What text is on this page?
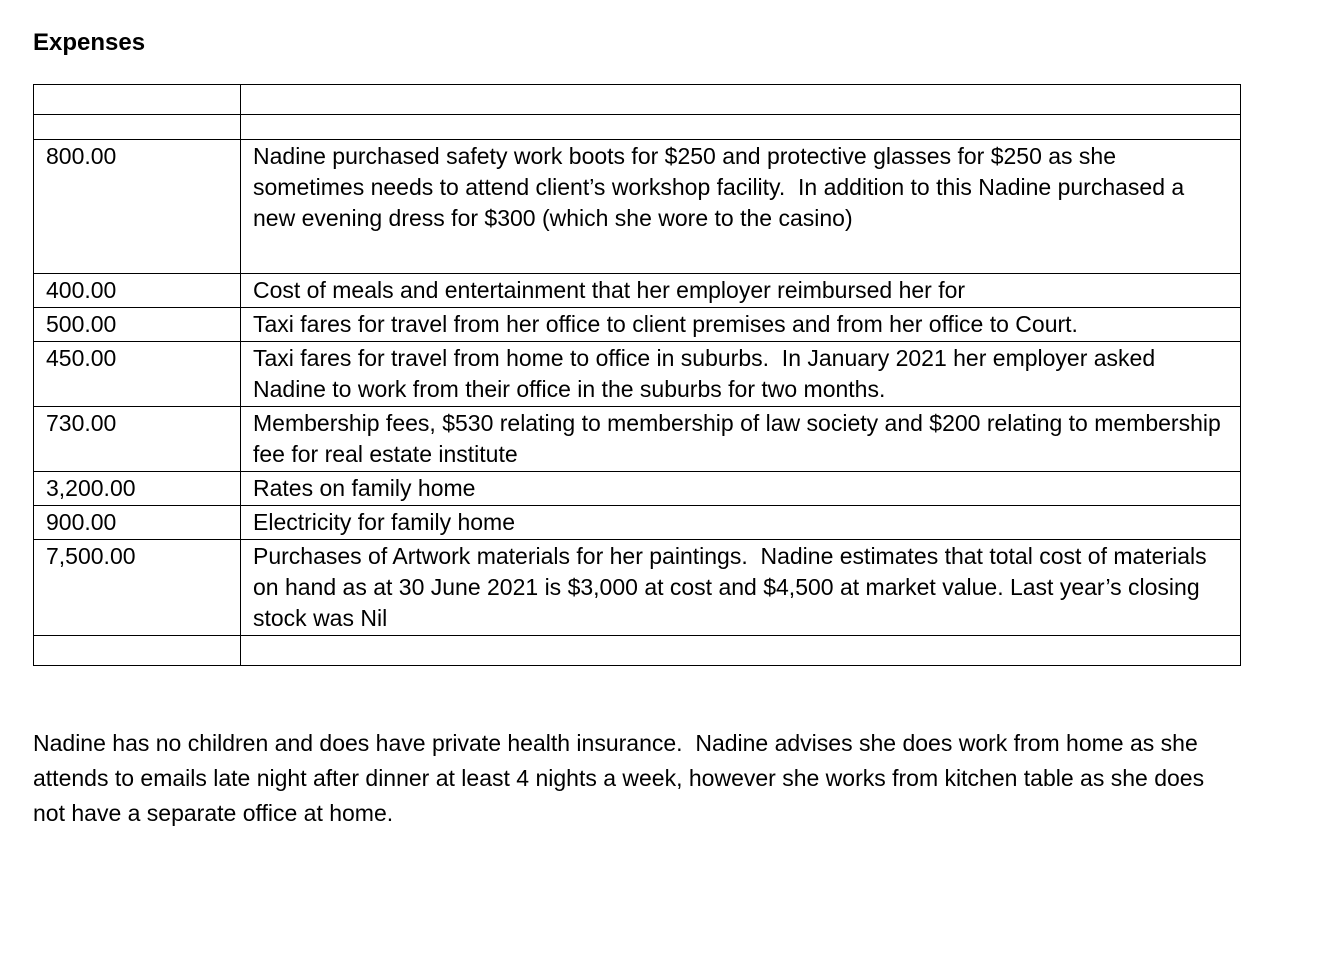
Expenses

800.00	Nadine purchased safety work boots for $250 and protective glasses for $250 as she sometimes needs to attend client’s workshop facility.  In addition to this Nadine purchased a new evening dress for $300 (which she wore to the casino)
400.00	Cost of meals and entertainment that her employer reimbursed her for
500.00	Taxi fares for travel from her office to client premises and from her office to Court.
450.00	Taxi fares for travel from home to office in suburbs.  In January 2021 her employer asked Nadine to work from their office in the suburbs for two months.
730.00	Membership fees, $530 relating to membership of law society and $200 relating to membership fee for real estate institute
3,200.00	Rates on family home
900.00	Electricity for family home
7,500.00	Purchases of Artwork materials for her paintings.  Nadine estimates that total cost of materials on hand as at 30 June 2021 is $3,000 at cost and $4,500 at market value. Last year’s closing stock was Nil

Nadine has no children and does have private health insurance.  Nadine advises she does work from home as she attends to emails late night after dinner at least 4 nights a week, however she works from kitchen table as she does not have a separate office at home.
